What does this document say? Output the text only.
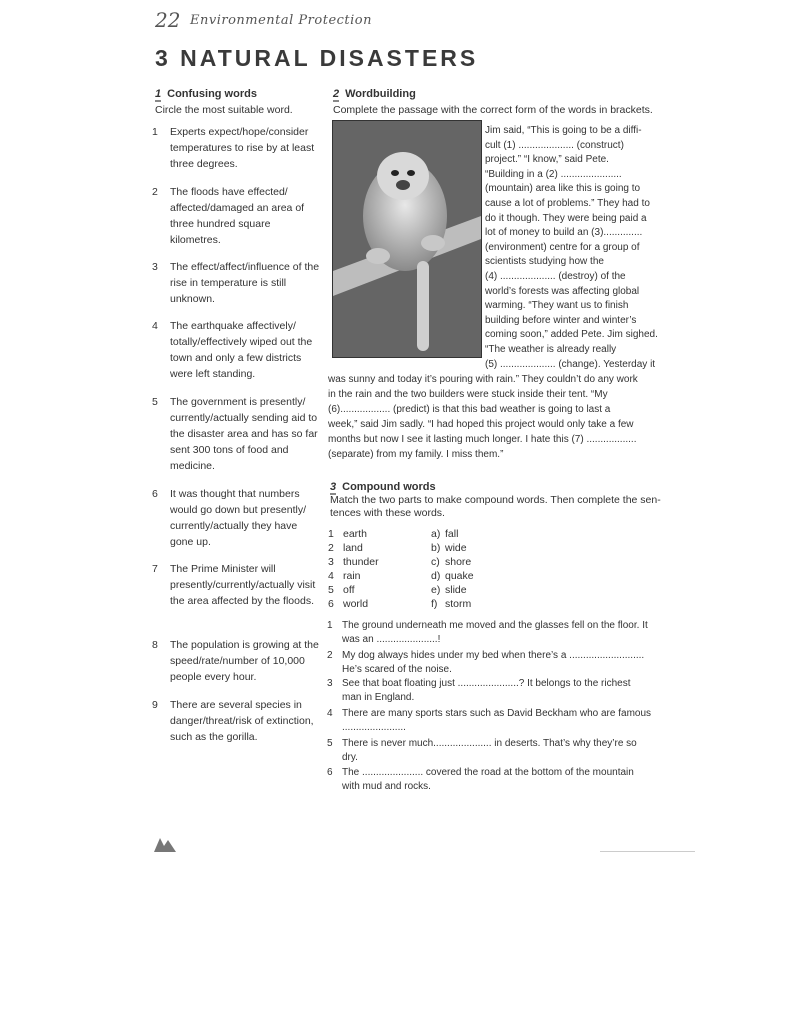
22 Environmental Protection
3 NATURAL DISASTERS
1 Confusing words
Circle the most suitable word.
1 Experts expect/hope/consider temperatures to rise by at least three degrees.
2 The floods have effected/ affected/damaged an area of three hundred square kilometres.
3 The effect/affect/influence of the rise in temperature is still unknown.
4 The earthquake affectively/ totally/effectively wiped out the town and only a few districts were left standing.
5 The government is presently/ currently/actually sending aid to the disaster area and has so far sent 300 tons of food and medicine.
6 It was thought that numbers would go down but presently/ currently/actually they have gone up.
7 The Prime Minister will presently/currently/actually visit the area affected by the floods.
8 The population is growing at the speed/rate/number of 10,000 people every hour.
9 There are several species in danger/threat/risk of extinction, such as the gorilla.
2 Wordbuilding
Complete the passage with the correct form of the words in brackets.
Jim said, “This is going to be a diffi-
cult (1) .................... (construct)
project.” “I know,” said Pete.
“Building in a (2) ......................
(mountain) area like this is going to
cause a lot of problems.” They had to
do it though. They were being paid a
lot of money to build an (3)..............
(environment) centre for a group of
scientists studying how the
(4) .................... (destroy) of the
world’s forests was affecting global
warming. “They want us to finish
building before winter and winter’s
coming soon,” added Pete. Jim sighed.
“The weather is already really
(5) .................... (change). Yesterday it
was sunny and today it’s pouring with rain.” They couldn’t do any work
in the rain and the two builders were stuck inside their tent. “My
(6).................. (predict) is that this bad weather is going to last a
week,” said Jim sadly. “I had hoped this project would only take a few
months but now I see it lasting much longer. I hate this (7) ..................
(separate) from my family. I miss them.”
3 Compound words
Match the two parts to make compound words. Then complete the sen-
tences with these words.
1 earth
2 land
3 thunder
4 rain
5 off
6 world
a) fall
b) wide
c) shore
d) quake
e) slide
f) storm
1 The ground underneath me moved and the glasses fell on the floor. It
was an ......................!
2 My dog always hides under my bed when there’s a ...........................
He’s scared of the noise.
3 See that boat floating just ......................? It belongs to the richest
man in England.
4 There are many sports stars such as David Beckham who are famous
.......................
5 There is never much..................... in deserts. That’s why they’re so
dry.
6 The ...................... covered the road at the bottom of the mountain
with mud and rocks.
